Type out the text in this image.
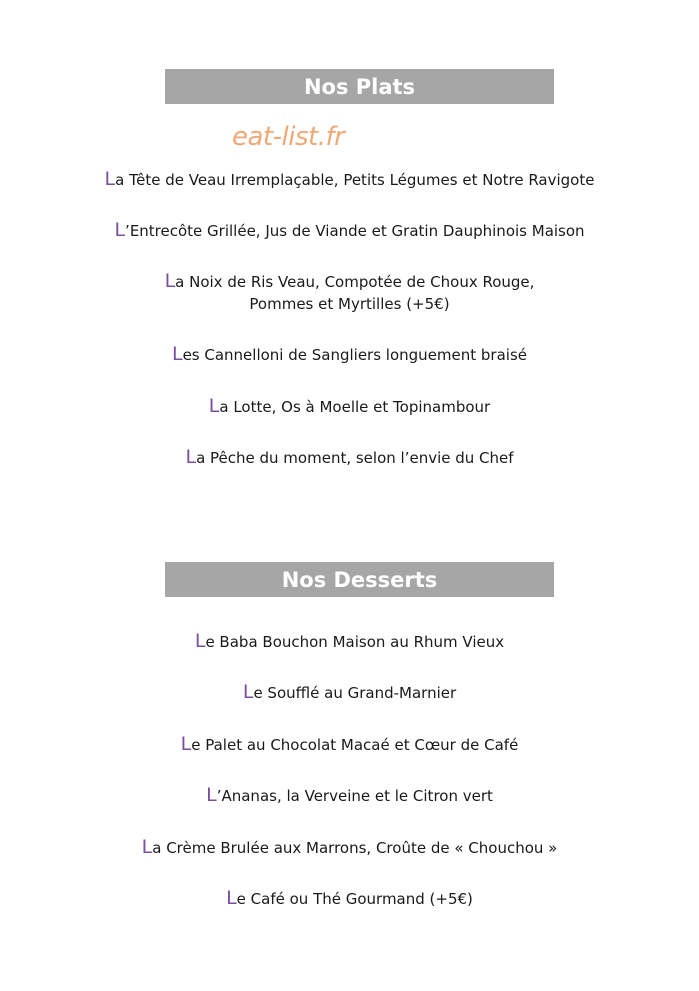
Nos Plats
eat-list.fr
La Tête de Veau Irremplaçable, Petits Légumes et Notre Ravigote
L’Entrecôte Grillée, Jus de Viande et Gratin Dauphinois Maison
La Noix de Ris Veau, Compotée de Choux Rouge,
Pommes et Myrtilles (+5€)
Les Cannelloni de Sangliers longuement braisé
La Lotte, Os à Moelle et Topinambour
La Pêche du moment, selon l’envie du Chef
Nos Desserts
Le Baba Bouchon Maison au Rhum Vieux
Le Soufflé au Grand-Marnier
Le Palet au Chocolat Macaé et Cœur de Café
L’Ananas, la Verveine et le Citron vert
La Crème Brulée aux Marrons, Croûte de « Chouchou »
Le Café ou Thé Gourmand (+5€)
